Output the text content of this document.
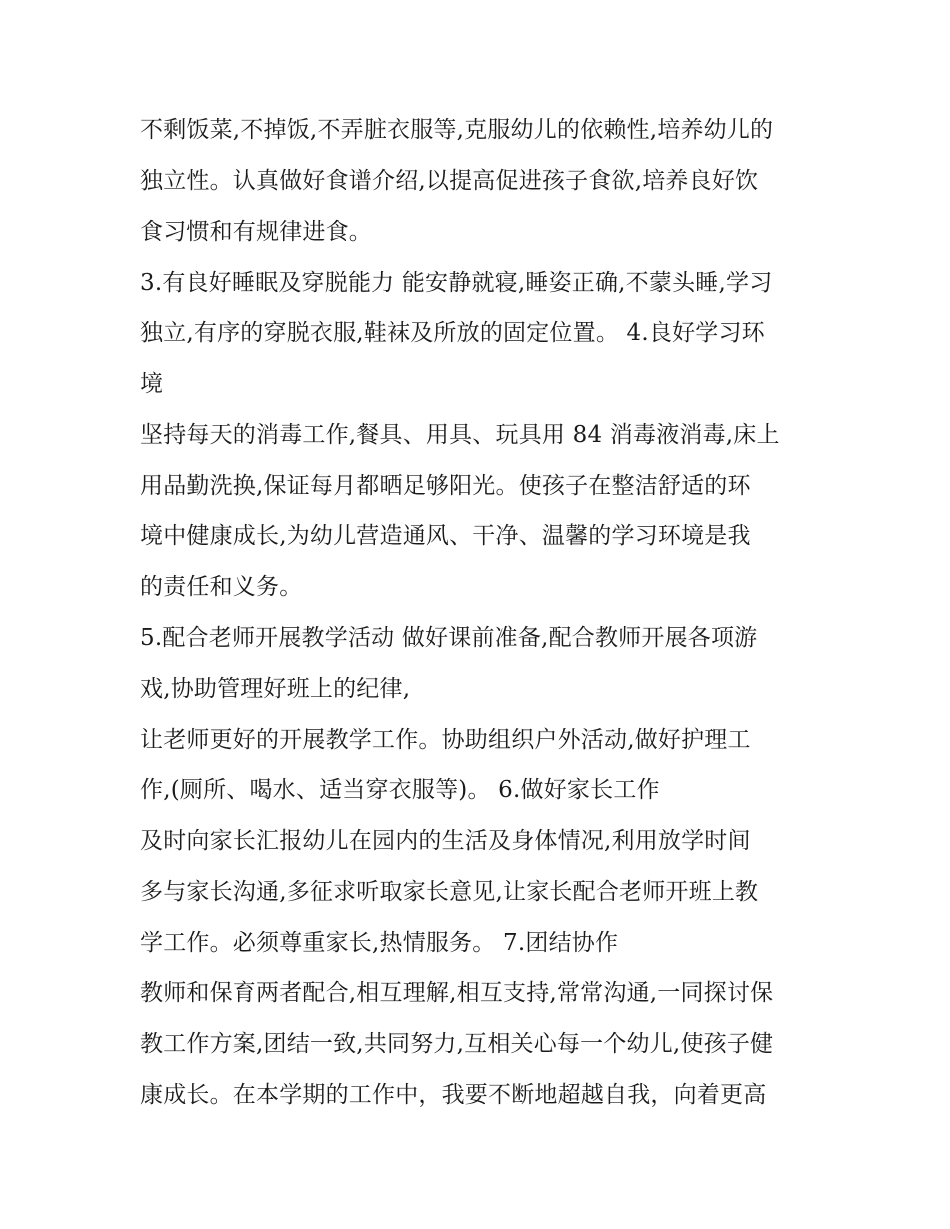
不剩饭菜,不掉饭,不弄脏衣服等,克服幼儿的依赖性,培养幼儿的
独立性。认真做好食谱介绍,以提高促进孩子食欲,培养良好饮
食习惯和有规律进食。
3.有良好睡眠及穿脱能力 能安静就寝,睡姿正确,不蒙头睡,学习
独立,有序的穿脱衣服,鞋袜及所放的固定位置。 4.良好学习环
境
坚持每天的消毒工作,餐具、用具、玩具用 84 消毒液消毒,床上
用品勤洗换,保证每月都晒足够阳光。使孩子在整洁舒适的环
境中健康成长,为幼儿营造通风、干净、温馨的学习环境是我
的责任和义务。
5.配合老师开展教学活动 做好课前准备,配合教师开展各项游
戏,协助管理好班上的纪律,
让老师更好的开展教学工作。协助组织户外活动,做好护理工
作,(厕所、喝水、适当穿衣服等)。 6.做好家长工作
及时向家长汇报幼儿在园内的生活及身体情况,利用放学时间
多与家长沟通,多征求听取家长意见,让家长配合老师开班上教
学工作。必须尊重家长,热情服务。 7.团结协作
教师和保育两者配合,相互理解,相互支持,常常沟通,一同探讨保
教工作方案,团结一致,共同努力,互相关心每一个幼儿,使孩子健
康成长。在本学期的工作中，我要不断地超越自我，向着更高
